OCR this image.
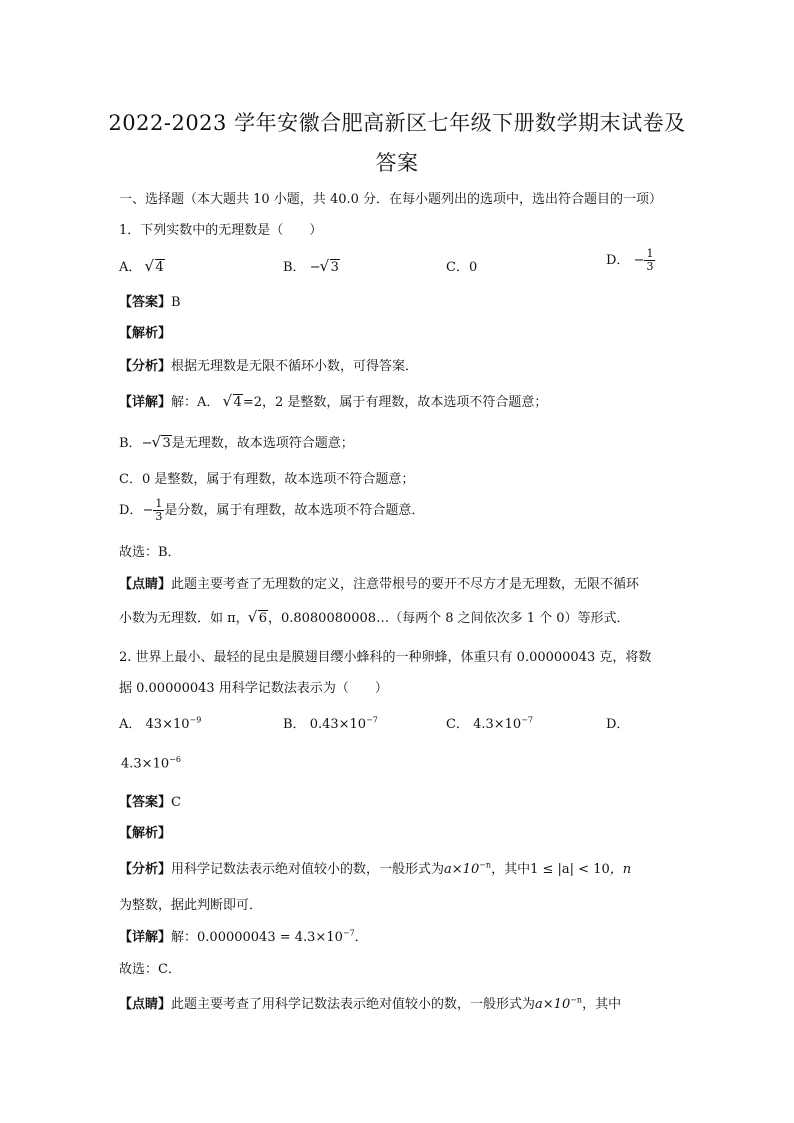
2022-2023 学年安徽合肥高新区七年级下册数学期末试卷及
答案
一、选择题（本大题共 10 小题，共 40.0 分．在每小题列出的选项中，选出符合题目的一项）
1．下列实数中的无理数是（　　）
A． √ 4	B． − √ 3	C．0	D． − $\frac{1}{3}$
【答案】B
【解析】
【分析】根据无理数是无限不循环小数，可得答案．
【详解】解：A． √ 4=2，2 是整数，属于有理数，故本选项不符合题意；
B．− √ 3是无理数，故本选项符合题意；
C．0 是整数，属于有理数，故本选项不符合题意；
D．− $\frac{1}{3}$ 是分数，属于有理数，故本选项不符合题意．
故选：B．
【点睛】此题主要考查了无理数的定义，注意带根号的要开不尽方才是无理数，无限不循环
小数为无理数．如 π， √ 6，0.8080080008…（每两个 8 之间依次多 1 个 0）等形式．
2. 世界上最小、最轻的昆虫是膜翅目缨小蜂科的一种卵蜂，体重只有 0.00000043 克，将数
据 0.00000043 用科学记数法表示为（　　）
A． $43\times 10^{-9}$	B． $0.43\times 10^{-7}$	C． $4.3\times 10^{-7}$	D．
$4.3\times 10^{-6}$
【答案】C
【解析】
【分析】用科学记数法表示绝对值较小的数，一般形式为$a\times 10^{-n}$，其中1 ≤ |a| < 10，n
为整数，据此判断即可．
【详解】解：$0.00000043 = 4.3\times 10^{-7}$．
故选：C．
【点睛】此题主要考查了用科学记数法表示绝对值较小的数，一般形式为$a\times 10^{-n}$，其中
